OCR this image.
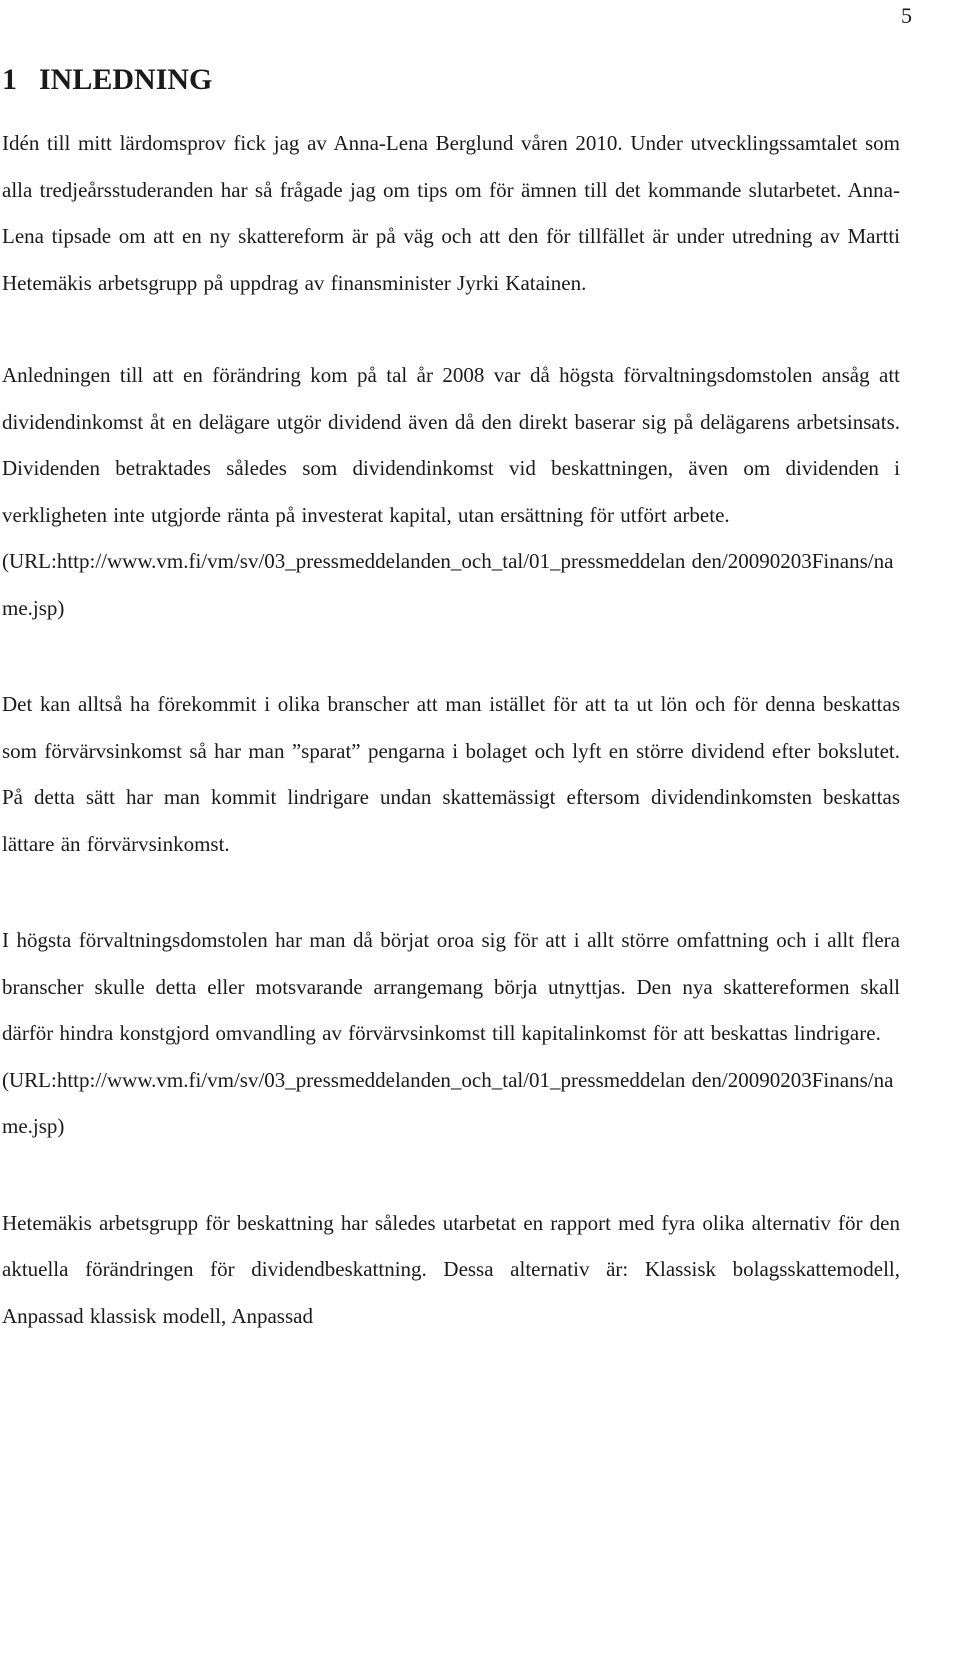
5
1 INLEDNING

Idén till mitt lärdomsprov fick jag av Anna-Lena Berglund våren 2010. Under utvecklingssamtalet som alla tredjeårsstuderanden har så frågade jag om tips om för ämnen till det kommande slutarbetet. Anna-Lena tipsade om att en ny skattereform är på väg och att den för tillfället är under utredning av Martti Hetemäkis arbetsgrupp på uppdrag av finansminister Jyrki Katainen.

Anledningen till att en förändring kom på tal år 2008 var då högsta förvaltningsdomstolen ansåg att dividendinkomst åt en delägare utgör dividend även då den direkt baserar sig på delägarens arbetsinsats. Dividenden betraktades således som dividendinkomst vid beskattningen, även om dividenden i verkligheten inte utgjorde ränta på investerat kapital, utan ersättning för utfört arbete.
(URL:http://www.vm.fi/vm/sv/03_pressmeddelanden_och_tal/01_pressmeddelan den/20090203Finans/name.jsp)

Det kan alltså ha förekommit i olika branscher att man istället för att ta ut lön och för denna beskattas som förvärvsinkomst så har man ”sparat” pengarna i bolaget och lyft en större dividend efter bokslutet. På detta sätt har man kommit lindrigare undan skattemässigt eftersom dividendinkomsten beskattas lättare än förvärvsinkomst.

I högsta förvaltningsdomstolen har man då börjat oroa sig för att i allt större omfattning och i allt flera branscher skulle detta eller motsvarande arrangemang börja utnyttjas. Den nya skattereformen skall därför hindra konstgjord omvandling av förvärvsinkomst till kapitalinkomst för att beskattas lindrigare.
(URL:http://www.vm.fi/vm/sv/03_pressmeddelanden_och_tal/01_pressmeddelan den/20090203Finans/name.jsp)

Hetemäkis arbetsgrupp för beskattning har således utarbetat en rapport med fyra olika alternativ för den aktuella förändringen för dividendbeskattning. Dessa alternativ är: Klassisk bolagsskattemodell, Anpassad klassisk modell, Anpassad
